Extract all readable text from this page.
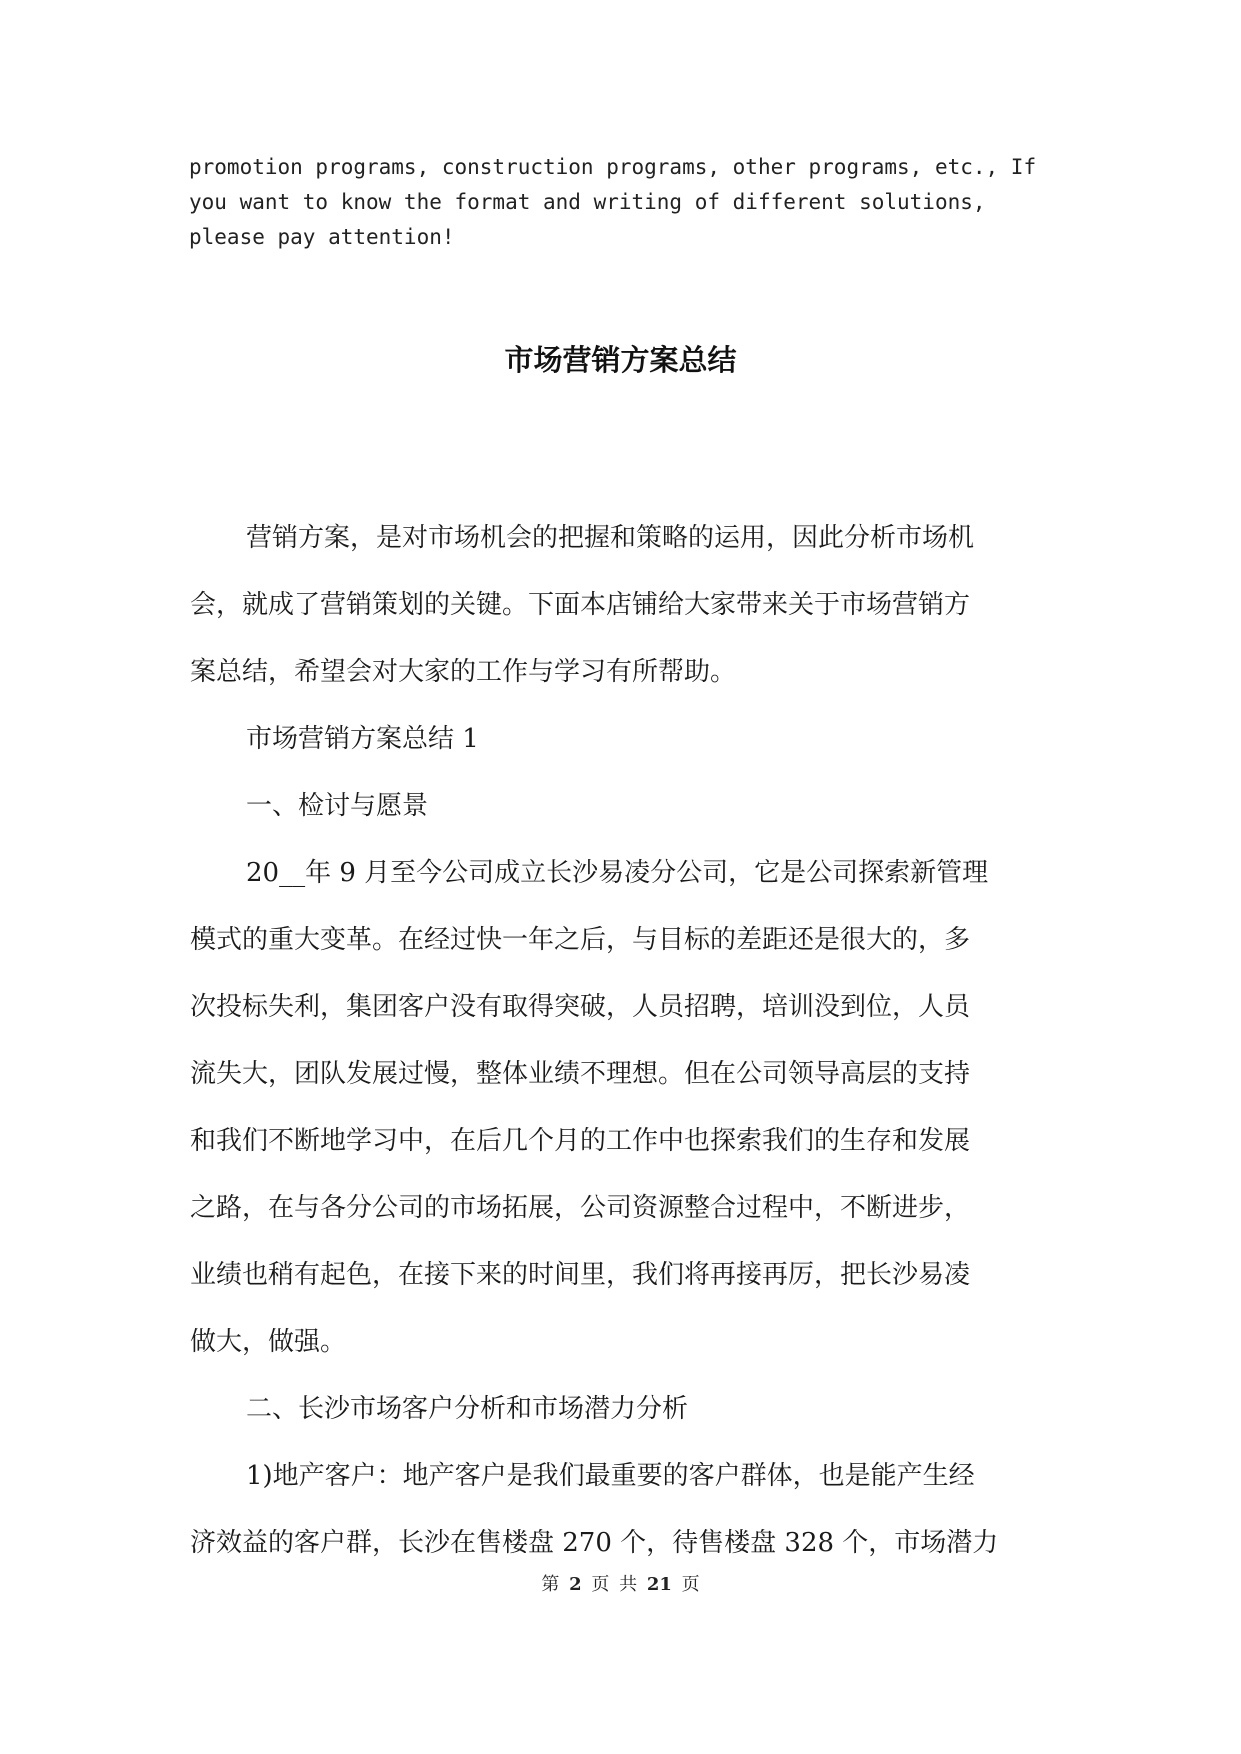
promotion programs, construction programs, other programs, etc., If
you want to know the format and writing of different solutions,
please pay attention!
市场营销方案总结
营销方案，是对市场机会的把握和策略的运用，因此分析市场机
会，就成了营销策划的关键。下面本店铺给大家带来关于市场营销方
案总结，希望会对大家的工作与学习有所帮助。
市场营销方案总结 1
一、检讨与愿景
20__年 9 月至今公司成立长沙易凌分公司，它是公司探索新管理
模式的重大变革。在经过快一年之后，与目标的差距还是很大的，多
次投标失利，集团客户没有取得突破，人员招聘，培训没到位，人员
流失大，团队发展过慢，整体业绩不理想。但在公司领导高层的支持
和我们不断地学习中，在后几个月的工作中也探索我们的生存和发展
之路，在与各分公司的市场拓展，公司资源整合过程中，不断进步，
业绩也稍有起色，在接下来的时间里，我们将再接再厉，把长沙易凌
做大，做强。
二、长沙市场客户分析和市场潜力分析
1)地产客户：地产客户是我们最重要的客户群体，也是能产生经
济效益的客户群，长沙在售楼盘 270 个，待售楼盘 328 个，市场潜力
第 2 页 共 21 页
